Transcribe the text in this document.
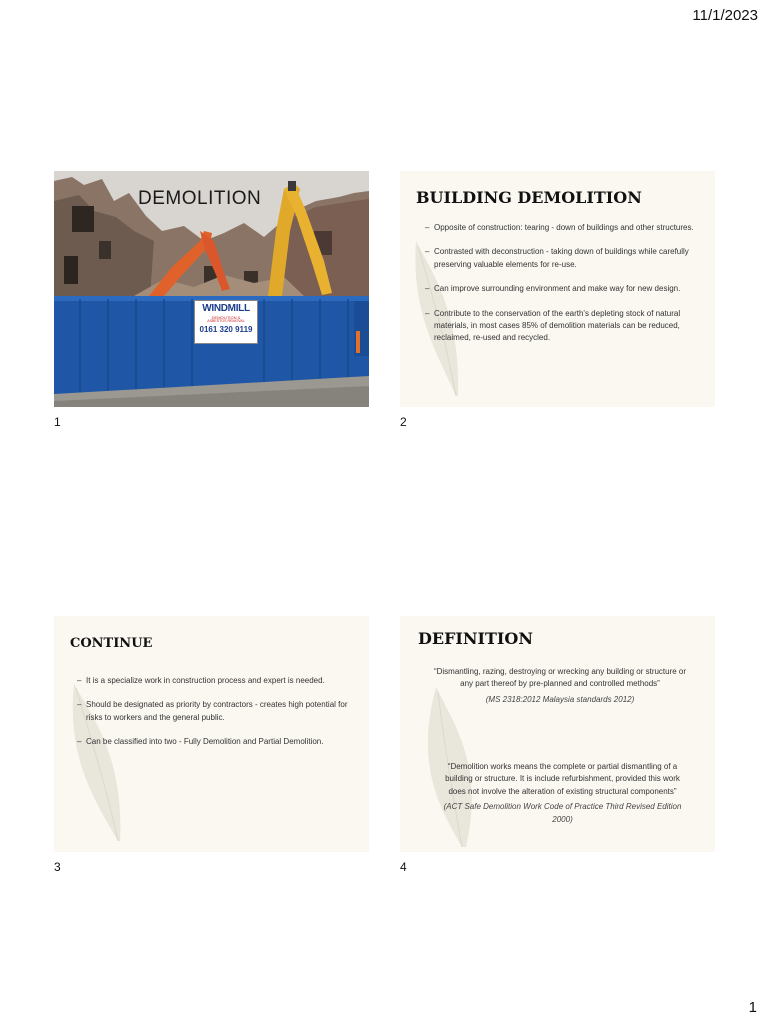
11/1/2023
DEMOLITION
WINDMILL
DEMOLITION &
ASBESTOS REMOVAL
0161 320 9119
1
BUILDING DEMOLITION
– Opposite of construction: tearing - down of buildings and other structures.
– Contrasted with deconstruction - taking down of buildings while carefully preserving valuable elements for re-use.
– Can improve surrounding environment and make way for new design.
– Contribute to the conservation of the earth's depleting stock of natural materials, in most cases 85% of demolition materials can be reduced, reclaimed, re-used and recycled.
2
CONTINUE
– It is a specialize work in construction process and expert is needed.
– Should be designated as priority by contractors - creates high potential for risks to workers and the general public.
– Can be classified into two - Fully Demolition and Partial Demolition.
3
DEFINITION
“Dismantling, razing, destroying or wrecking any building or structure or any part thereof by pre-planned and controlled methods”
(MS 2318:2012 Malaysia standards 2012)
“Demolition works means the complete or partial dismantling of a building or structure. It is include refurbishment, provided this work does not involve the alteration of existing structural components”
(ACT Safe Demolition Work Code of Practice Third Revised Edition 2000)
4
1
